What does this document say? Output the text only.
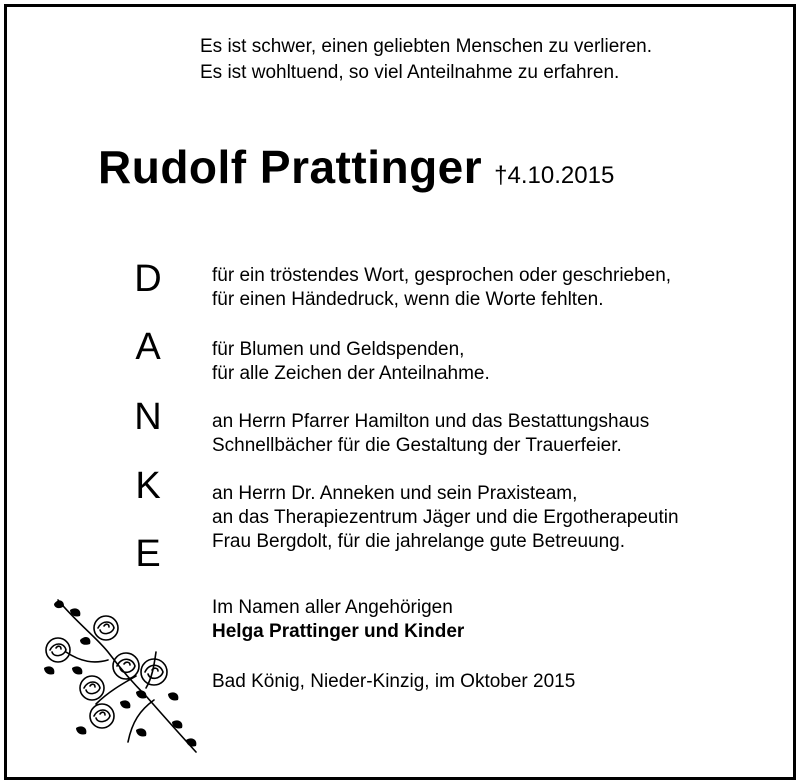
Es ist schwer, einen geliebten Menschen zu verlieren.
Es ist wohltuend, so viel Anteilnahme zu erfahren.
Rudolf Prattinger †4.10.2015
D
A
N
K
E
für ein tröstendes Wort, gesprochen oder geschrieben,
für einen Händedruck, wenn die Worte fehlten.
für Blumen und Geldspenden,
für alle Zeichen der Anteilnahme.
an Herrn Pfarrer Hamilton und das Bestattungshaus
Schnellbächer für die Gestaltung der Trauerfeier.
an Herrn Dr. Anneken und sein Praxisteam,
an das Therapiezentrum Jäger und die Ergotherapeutin
Frau Bergdolt, für die jahrelange gute Betreuung.
Im Namen aller Angehörigen
Helga Prattinger und Kinder
Bad König, Nieder-Kinzig, im Oktober 2015
